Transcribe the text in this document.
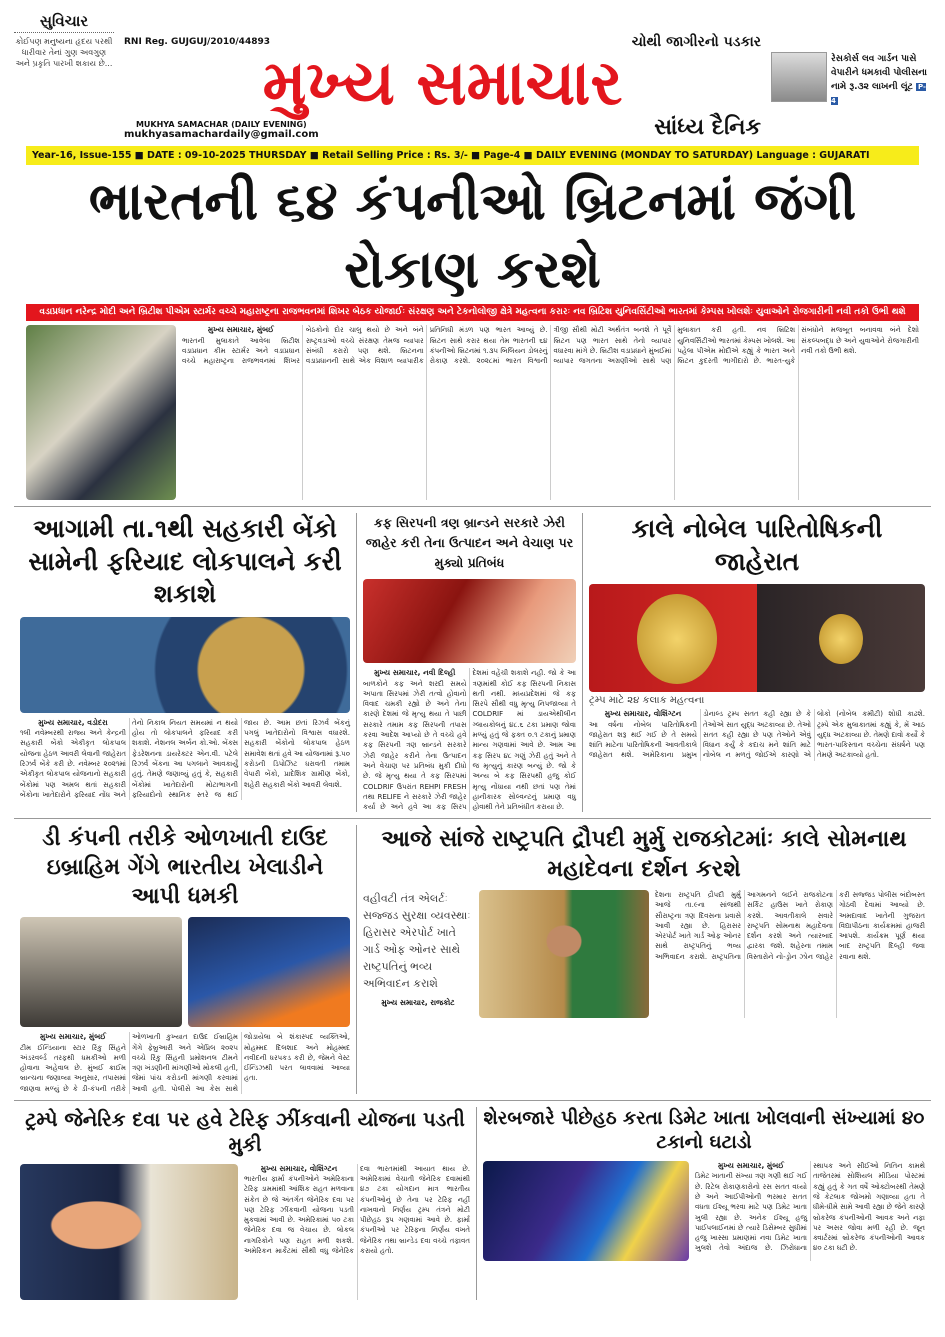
સુવિચાર
કોઈપણ મનુષ્યના હૃદય પરથી ધારીવાર તેનાં ગુણ અવગુણ અને પ્રકૃતિ પારખી શકાય છે...
RNI Reg. GUJGUJ/2010/44893	ચોથી જાગીરનો પડકાર
મુખ્ય સમાચાર
MUKHYA SAMACHAR (DAILY EVENING)
mukhyasamachardaily@gmail.com	સાંધ્ય દૈનિક
રેસકોર્સ લવ ગાર્ડન પાસે વેપારીને ધમકાવી પોલીસના નામે રૂ.૩૨ લાખની લૂંટ P-4
Year-16, Issue-155 ■ DATE : 09-10-2025 THURSDAY ■ Retail Selling Price : Rs. 3/- ■ Page-4 ■ DAILY EVENING (MONDAY TO SATURDAY) Language : GUJARATI
ભારતની ૬૪ કંપનીઓ બ્રિટનમાં જંગી રોકાણ કરશે
વડાપ્રધાન નરેન્દ્ર મોદી અને બ્રિટીશ પીએમ સ્ટાર્મર વચ્ચે મહારાષ્ટ્રના રાજભવનમાં શિખર બેઠક યોજાઈઃ સંરક્ષણ અને ટેકનોલોજી ક્ષેત્રે મહત્વના કરારઃ નવ બ્રિટિશ યુનિવર્સિટીઓ ભારતમાં કેમ્પસ ખોલશેઃ યુવાઓને રોજગારીની નવી તકો ઉભી થશે
મુખ્ય સમાચાર, મુંબઈ
ભારતની મુલાકાતે આવેલા બ્રિટીશ વડાપ્રધાન કીમ સ્ટાર્મર અને વડાપ્રધાન વચ્ચે મહારાષ્ટ્રના રાજભવનમાં શિખર બેઠકોનો દોર ચાલુ થયો છે અને બંને રાષ્ટ્રવડાઓ વચ્ચે સંરક્ષણ તેમજ વ્યાપાર સંબંધી કરારો પણ થશે. બ્રિટનના વડાપ્રધાનની સાથે એક વિશાળ વ્યાપારીક પ્રતિનિધી મંડળ પણ ભારત આવ્યું છે. બ્રિટન સાથે કરાર થયા તેમ ભારતની ૬૪ કંપનીઓ બ્રિટનમાં ૧.૩૫ બિલિયન ડોલરનું રોકાણ કરશે. ૨૦૨૮માં ભારત વિશ્વની ત્રીજી સૌથી મોટી અર્થતંત્ર બનશે તે પૂર્વે બ્રિટન પણ ભારત સાથે તેનો વ્યાપાર વધારવા માંગે છે. બ્રિટીશ વડાપ્રધાને મુંબઈમાં વ્યાપાર જગતના અગ્રણીઓ સાથે પણ મુલાકાત કરી હતી. નવ બ્રિટિશ યુનિવર્સિટીઓ ભારતમાં કેમ્પસ ખોલશે. આ પહેલા પીએમ મોદીએ કહ્યું કે ભારત અને બ્રિટન કુદરતી ભાગીદારો છે. ભારત-યુકે સંબંધોને મજબૂત બનાવવા બંને દેશો સંકલ્પબદ્ધ છે અને યુવાઓને રોજગારીની નવી તકો ઉભી થશે.
આગામી તા.૧થી સહકારી બેંકો સામેની ફરિયાદ લોકપાલને કરી શકાશે
મુખ્ય સમાચાર, વડોદરા
૧લી નવેમ્બરથી રાજ્ય અને કેન્દ્રની સહકારી બેંકો એકીકૃત લોકપાલ યોજના હેઠળ આવરી લેવાની જાહેરાત રિઝર્વ બેંકે કરી છે. નવેમ્બર ૨૦૨૧માં એકીકૃત લોકપાલ યોજનાનો સહકારી બેંકોમાં પણ અમલ થતાં સહકારી બેંકોના ખાતેદારોને ફરિયાદ નોંધ અને તેનો નિકાલ નિયત સમયમાં ન થયો હોય તો લોકપાલને ફરિયાદ કરી શકાશે. નેશનલ અર્બન કો.ઓ. બેંક્સ ફેડરેશનના ડાયરેક્ટર એન.વી. પટેલે રિઝર્વ બેંકના આ પગલાને આવકાર્યું હતું. તેમણે જણાવ્યું હતું કે, સહકારી બેંકોમાં ખાતેદારોની મોટાભાગની ફરિયાદોનો સ્થાનિક સ્તરે જ થઈ જાય છે. આમ છતાં રિઝર્વ બેંકનું પગલું ખાતેદારોનો વિશ્વાસ વધારશે. સહકારી બેંકોનો લોકપાલ હેઠળ સમાવેશ થતાં હવે આ યોજનામાં રૂ.૫૦ કરોડની ડિપોઝિટ ધરાવતી તમામ વેપારી બેંકો, પ્રાદેશિક ગ્રામીણ બેંકો, શહેરી સહકારી બેંકો આવરી લેવાશે.
કફ સિરપની ત્રણ બ્રાન્ડને સરકારે ઝેરી જાહેર કરી તેના ઉત્પાદન અને વેચાણ પર મુક્યો પ્રતિબંધ
મુખ્ય સમાચાર, નવી દિલ્હી
બાળકોને કફ અને શરદી સમયે અપાતા સિરપમાં ઝેરી તત્વો હોવાનો વિવાદ ચમકી રહ્યો છે અને તેના કારણે દેશમાં જે મૃત્યુ થયા તે પાછી સરકારે તમામ કફ સિરપની તપાસ કરવા આદેશ આપ્યો છે તે વચ્ચે હવે કફ સિરપની ત્રણ બ્રાન્ડને સરકારે ઝેરી જાહેર કરીને તેના ઉત્પાદન અને વેચાણ પર પ્રતિબંધ મુકી દીધો છે. જે મૃત્યુ થયા તે કફ સિરપમાં COLDRIF ઉપરાંત REHPI FRESH તથા RELIFE ને સરકારે ઝેરી જાહેર કર્યા છે અને હવે આ કફ સિરપ દેશમાં વહેંચી શકાશે નહી. જો કે આ ત્રણમાંથી કોઈ કફ સિરપની નિકાસ થતી નથી. મધ્યપ્રદેશમાં જે કફ સિરપે સૌથી વધુ મૃત્યુ નિપજાવ્યા તે COLDRIF માં ડાયએથીલીન ગ્લાયકોલનું ૪૮.૬ ટકા પ્રમાણ જોવા મળ્યું હતું જે ફક્ત ૦.૧ ટકાનું પ્રમાણ માન્ય ગણવામાં આવે છે. આમ આ કફ સિરપ ૪૮ ગણું ઝેરી હતું અને તે જ મૃત્યુનું કારણ બન્યું છે. જો કે અન્ય બે કફ સિરપથી હજુ કોઈ મૃત્યુ નોંધાયા નથી છતાં પણ તેમાં હાનીકારક સોલ્વન્ટનું પ્રમાણ વધુ હોવાથી તેને પ્રતિબંધીત કરાયા છે.
કાલે નોબેલ પારિતોષિકની જાહેરાત
ટ્રમ્પ માટે ૨૪ કલાક મહત્વના
મુખ્ય સમાચાર, વોશિંગ્ટન
આ વર્ષના નોબેલ પારિતોષિકની જાહેરાત શરૂ થઈ ગઈ છે તે સમયે શાંતિ માટેના પારિતોષિકની આવતીકાલે જાહેરાત થશે. અમેરિકાના પ્રમુખ ડોનાલ્ડ ટ્રમ્પ સતત કહી રહ્યા છે કે તેઓએ સાત યુદ્ધ અટકાવ્યા છે. તેઓ સતત કહી રહ્યા છે પણ તેઓને એવું વિધાન કર્યું કે કદાચ મને શાંતિ માટે નોબેલ ન મળતું જોઈએ કારણો એ લોકો (નોબેલ કમીટી) શોધી કાઢશે. ટ્રમ્પે એક મુલાકાતમાં કહ્યું કે, મેં આઠ યુદ્ધ અટકાવ્યા છે. તેમણે દાવો કર્યો કે ભારત-પાકિસ્તાન વચ્ચેના સંઘર્ષને પણ તેમણે અટકાવ્યો હતો.
ડી કંપની તરીકે ઓળખાતી દાઉદ ઇબ્રાહિમ ગેંગે ભારતીય ખેલાડીને આપી ધમકી
મુખ્ય સમાચાર, મુંબઈ
ટીમ ઈન્ડિયાના સ્ટાર રિંકુ સિંહને અંડરવર્લ્ડ તરફથી ધમકીઓ મળી હોવાના અહેવાલ છે. મુંબઈ ક્રાઈમ બ્રાન્ચના જણાવ્યા અનુસાર, તપાસમાં જાણવા મળ્યું છે કે ડી-કંપની તરીકે ઓળખાતી કુખ્યાત દાઉદ ઈબ્રાહિમ ગેંગે ફેબ્રુઆરી અને એપ્રિલ ૨૦૨૫ વચ્ચે રિંકુ સિંહની પ્રમોશનલ ટીમને ત્રણ ખંડણીની માંગણીઓ મોકલી હતી, જેમાં પાંચ કરોડની માંગણી કરવામાં આવી હતી. પોલીસે આ કેસ સાથે જોડાયેલા બે શંકાસ્પદ વ્યક્તિઓ, મોહમ્મદ દિલશાદ અને મોહમ્મદ નવીદની ધરપકડ કરી છે, જેમને વેસ્ટ ઈન્ડિઝથી પરત લાવવામાં આવ્યા હતા.
આજે સાંજે રાષ્ટ્રપતિ દ્રૌપદી મુર્મુ રાજકોટમાંઃ કાલે સોમનાથ મહાદેવના દર્શન કરશે
વહીવટી તંત્ર એલર્ટઃ સજ્જડ સુરક્ષા વ્યવસ્થાઃ હિરાસર એરપોર્ટ ખાતે ગાર્ડ ઓફ ઓનર સાથે રાષ્ટ્રપતિનું ભવ્ય અભિવાદન કરાશે
મુખ્ય સમાચાર, રાજકોટ
દેશના રાષ્ટ્રપતિ દ્રૌપદી મુર્મુ આજે તા.૯ના સાંજથી સૌરાષ્ટ્રના ત્રણ દિવસના પ્રવાસે આવી રહ્યા છે. હિરાસર એરપોર્ટ ખાતે ગાર્ડ ઓફ ઓનર સાથે રાષ્ટ્રપતિનું ભવ્ય અભિવાદન કરાશે. રાષ્ટ્રપતિના આગમનને લઈને રાજકોટના સર્કિટ હાઉસ ખાતે રોકાણ કરશે. આવતીકાલે સવારે રાષ્ટ્રપતિ સોમનાથ મહાદેવના દર્શન કરશે અને ત્યારબાદ દ્વારકા જશે. શહેરના તમામ વિસ્તારોને નો-ડ્રોન ઝોન જાહેર કરી સજ્જડ પોલીસ બંદોબસ્ત ગોઠવી દેવામાં આવ્યો છે. અમદાવાદ ખાતેની ગુજરાત વિદ્યાપીઠના કાર્યક્રમમાં હાજરી આપશે. કાર્યક્રમ પૂર્ણ થયા બાદ રાષ્ટ્રપતિ દિલ્હી જવા રવાના થશે.
ટ્રમ્પે જેનેરિક દવા પર હવે ટેરિફ ઝીંકવાની યોજના પડતી મુકી
મુખ્ય સમાચાર, વોશિંગ્ટન
ભારતીય ફાર્મા કંપનીઓને અમેરિકાના ટેરિફ ડામમાંથી આંશિક રાહત મળવાના સંકેત છે જે અંતર્ગત જેનેરિક દવા પર પણ ટેરિફ ઝીંકવાની યોજના પડતી મુકવામાં આવી છે. અમેરિકામાં ૫૦ ટકા જેનેરિક દવા જ વેચાય છે. લોકલ નાગરિકોને પણ રાહત મળી શકશે. અમેરિકન માર્કેટમાં સૌથી વધુ જેનેરિક દવા ભારતમાંથી આયાત થાય છે. અમેરિકામાં વેચાતી જેનેરિક દવામાંથી ૪૭ ટકા યોગદાન માત્ર ભારતીય કંપનીઓનું છે તેના પર ટેરિફ નહીં નાખવાનો નિર્ણય ટ્રમ્પ તંત્રને મોટી પીછેહઠ રૂપ ગણવામાં આવે છે. ફાર્મા કંપનીઓ પર ટેરિફના નિર્ણય વખતે જેનેરિક તથા બ્રાન્ડેડ દવા વચ્ચે તફાવત કરાયો હતો.
શેરબજારે પીછેહઠ કરતા ડિમેટ ખાતા ખોલવાની સંખ્યામાં ૪૦ ટકાનો ઘટાડો
મુખ્ય સમાચાર, મુંબઈ
ડિમેટ ખાતાની સંખ્યા ત્રણ ગણી થઈ ગઈ છે. રિટેલ રોકાણકારોનો રસ સતત વધ્યો છે અને આઈપીઓની ભરમાર સતત વધતા ઈશ્યૂ ભરવા માટે પણ ડિમેટ ખાતા ખુલી રહ્યા છે. અનેક ઈશ્યૂ હજુ પાઈપલાઈનમાં છે ત્યારે ડિસેમ્બર સુધીમાં હજુ ખાસ્સા પ્રમાણમાં નવા ડિમેટ ખાતા ખુલશે તેવો અંદાજ છે. ઝિરોધાના સ્થાપક અને સીઈઓ નિતિન કામથે તાજેતરમાં સોશિયલ મીડિયા પોસ્ટમાં કહ્યું હતું કે ગત વર્ષે ઓક્ટોબરથી તેમણે જે કેટલાક જોખમો ગણાવ્યા હતા તે ધીમે-ધીમે સામે આવી રહ્યા છે જેને કારણે બ્રોકરેજ કંપનીઓની આવક અને નફા પર અસર જોવા મળી રહી છે. જૂન ક્વાર્ટરમાં બ્રોકરેજ કંપનીઓની આવક ૪૦ ટકા ઘટી છે.
